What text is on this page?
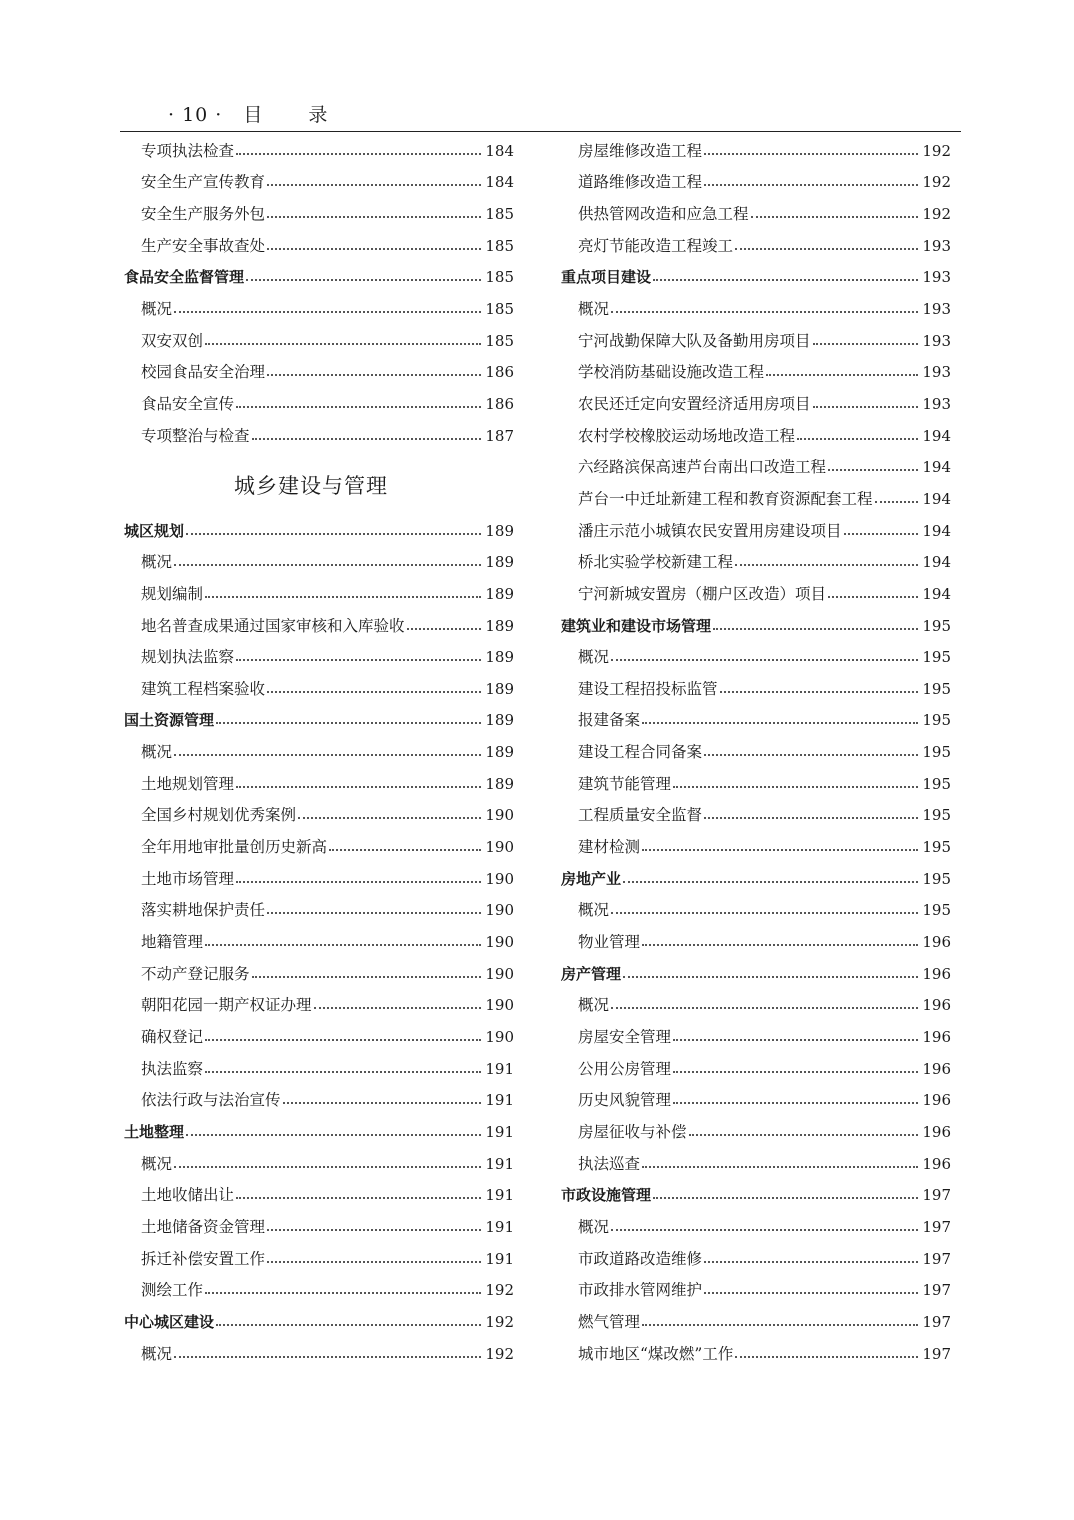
· 10 · 目 录
专项执法检查	184
安全生产宣传教育	184
安全生产服务外包	185
生产安全事故查处	185
食品安全监督管理	185
概况	185
双安双创	185
校园食品安全治理	186
食品安全宣传	186
专项整治与检查	187
城乡建设与管理
城区规划	189
概况	189
规划编制	189
地名普查成果通过国家审核和入库验收	189
规划执法监察	189
建筑工程档案验收	189
国土资源管理	189
概况	189
土地规划管理	189
全国乡村规划优秀案例	190
全年用地审批量创历史新高	190
土地市场管理	190
落实耕地保护责任	190
地籍管理	190
不动产登记服务	190
朝阳花园一期产权证办理	190
确权登记	190
执法监察	191
依法行政与法治宣传	191
土地整理	191
概况	191
土地收储出让	191
土地储备资金管理	191
拆迁补偿安置工作	191
测绘工作	192
中心城区建设	192
概况	192
房屋维修改造工程	192
道路维修改造工程	192
供热管网改造和应急工程	192
亮灯节能改造工程竣工	193
重点项目建设	193
概况	193
宁河战勤保障大队及备勤用房项目	193
学校消防基础设施改造工程	193
农民还迁定向安置经济适用房项目	193
农村学校橡胶运动场地改造工程	194
六经路滨保高速芦台南出口改造工程	194
芦台一中迁址新建工程和教育资源配套工程	194
潘庄示范小城镇农民安置用房建设项目	194
桥北实验学校新建工程	194
宁河新城安置房（棚户区改造）项目	194
建筑业和建设市场管理	195
概况	195
建设工程招投标监管	195
报建备案	195
建设工程合同备案	195
建筑节能管理	195
工程质量安全监督	195
建材检测	195
房地产业	195
概况	195
物业管理	196
房产管理	196
概况	196
房屋安全管理	196
公用公房管理	196
历史风貌管理	196
房屋征收与补偿	196
执法巡查	196
市政设施管理	197
概况	197
市政道路改造维修	197
市政排水管网维护	197
燃气管理	197
城市地区“煤改燃”工作	197
